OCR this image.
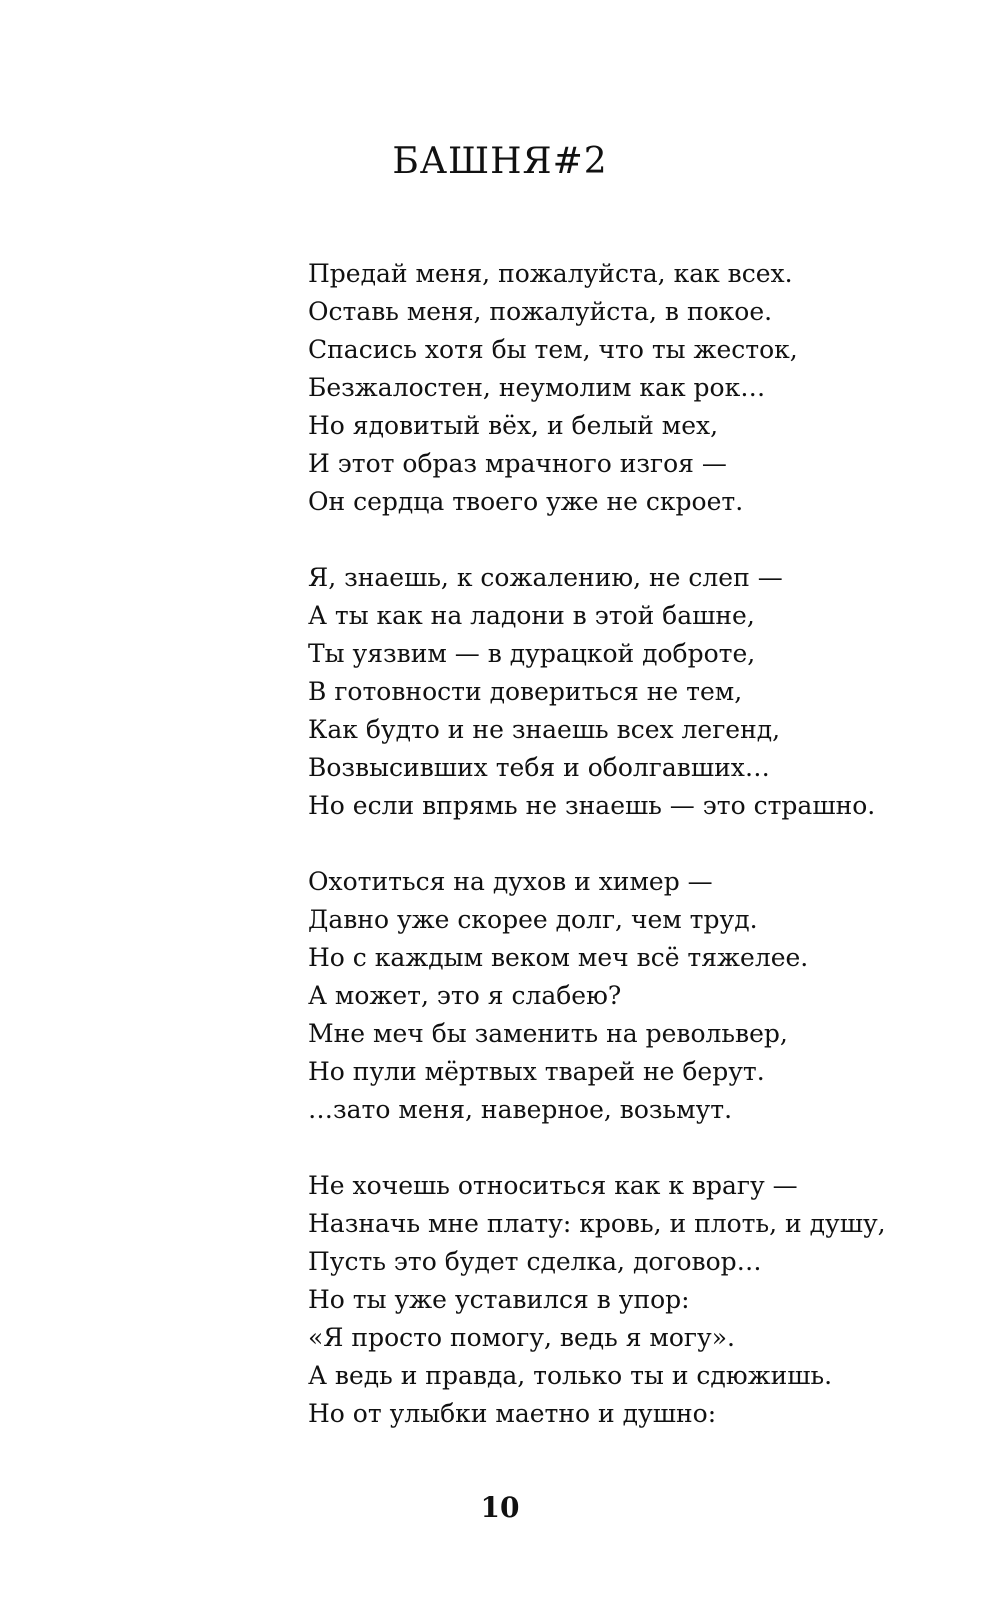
БАШНЯ#2

Предай меня, пожалуйста, как всех.
Оставь меня, пожалуйста, в покое.
Спасись хотя бы тем, что ты жесток,
Безжалостен, неумолим как рок…
Но ядовитый вёх, и белый мех,
И этот образ мрачного изгоя —
Он сердца твоего уже не скроет.

Я, знаешь, к сожалению, не слеп —
А ты как на ладони в этой башне,
Ты уязвим — в дурацкой доброте,
В готовности довериться не тем,
Как будто и не знаешь всех легенд,
Возвысивших тебя и оболгавших…
Но если впрямь не знаешь — это страшно.

Охотиться на духов и химер —
Давно уже скорее долг, чем труд.
Но с каждым веком меч всё тяжелее.
А может, это я слабею?
Мне меч бы заменить на револьвер,
Но пули мёртвых тварей не берут.
…зато меня, наверное, возьмут.

Не хочешь относиться как к врагу —
Назначь мне плату: кровь, и плоть, и душу,
Пусть это будет сделка, договор…
Но ты уже уставился в упор:
«Я просто помогу, ведь я могу».
А ведь и правда, только ты и сдюжишь.
Но от улыбки маетно и душно:

10
